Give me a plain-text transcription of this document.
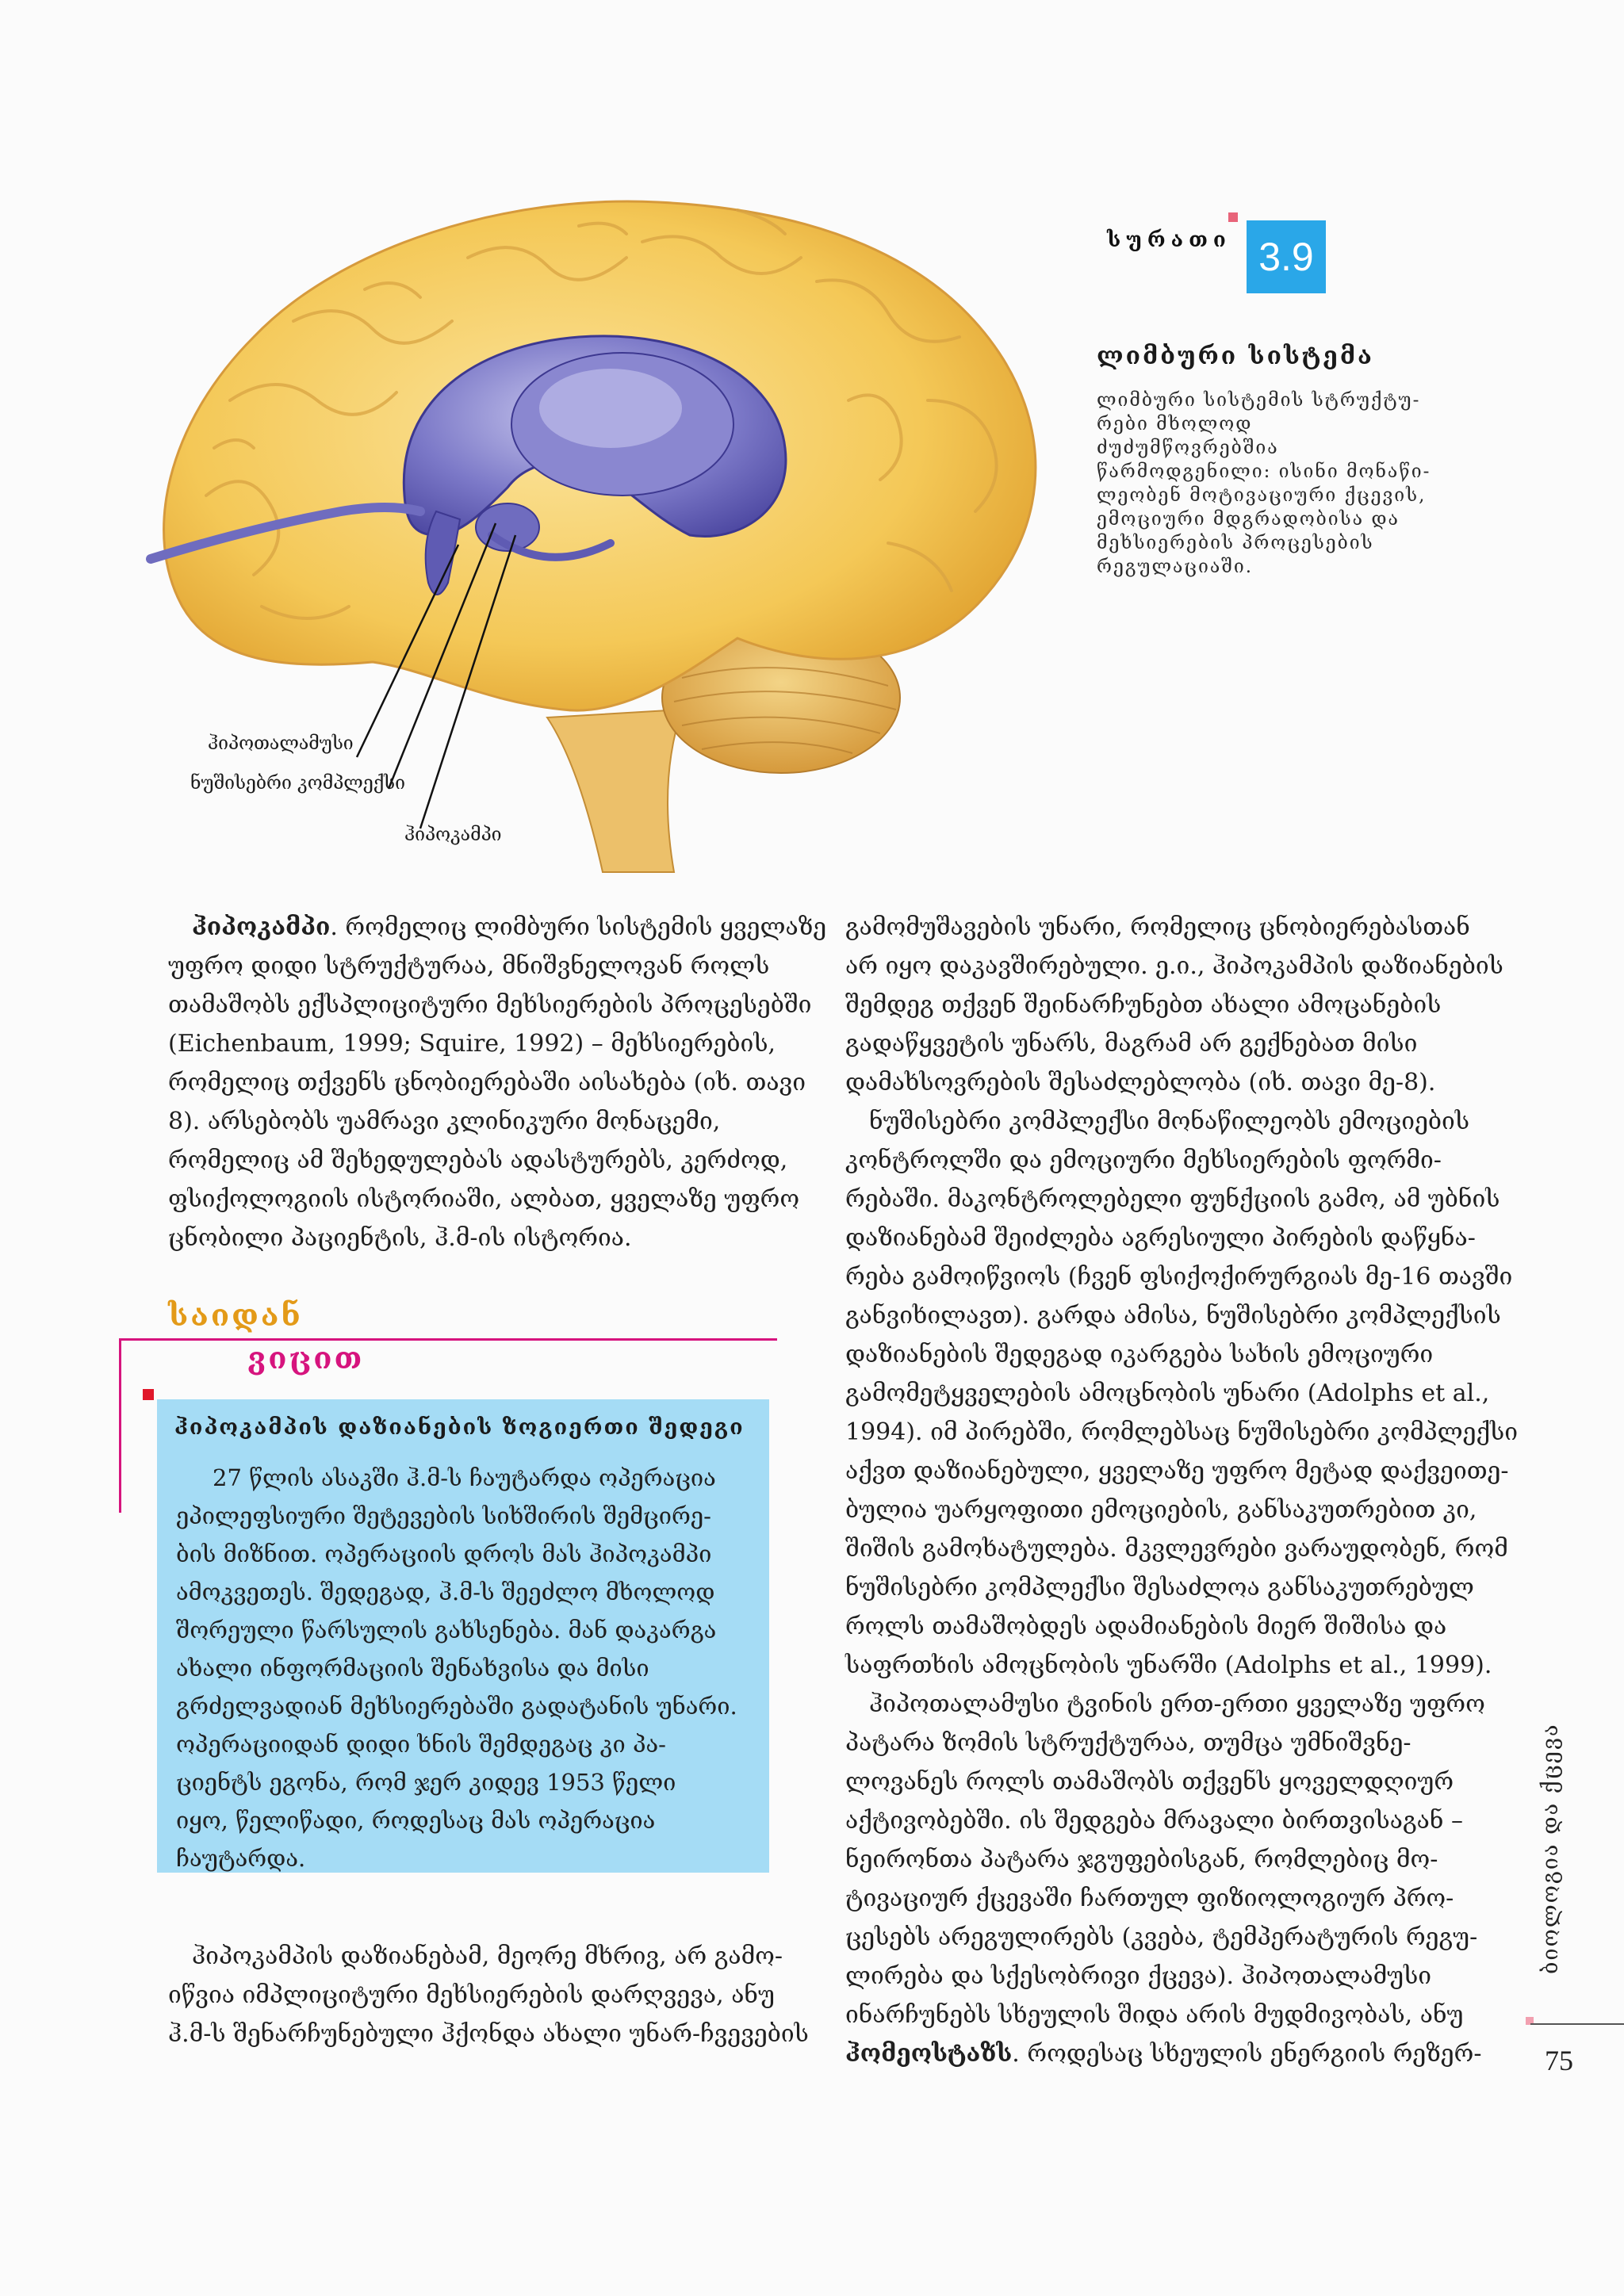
ჰიპოთალამუსი
ნუშისებრი კომპლექსი
ჰიპოკამპი
სურათი 3.9
ლიმბური სისტემა
ლიმბური სისტემის სტრუქტუ-
რები მხოლოდ ძუძუმწოვრებშია
წარმოდგენილი: ისინი მონაწი-
ლეობენ მოტივაციური ქცევის,
ემოციური მდგრადობისა და
მეხსიერების პროცესების
რეგულაციაში.
ჰიპოკამპი. რომელიც ლიმბური სისტემის ყველაზე
უფრო დიდი სტრუქტურაა, მნიშვნელოვან როლს
თამაშობს ექსპლიციტური მეხსიერების პროცესებში
(Eichenbaum, 1999; Squire, 1992) – მეხსიერების,
რომელიც თქვენს ცნობიერებაში აისახება (იხ. თავი
8). არსებობს უამრავი კლინიკური მონაცემი,
რომელიც ამ შეხედულებას ადასტურებს, კერძოდ,
ფსიქოლოგიის ისტორიაში, ალბათ, ყველაზე უფრო
ცნობილი პაციენტის, ჰ.მ-ის ისტორია.
საიდან
ვიცით
ჰიპოკამპის დაზიანების ზოგიერთი შედეგი
27 წლის ასაკში ჰ.მ-ს ჩაუტარდა ოპერაცია
ეპილეფსიური შეტევების სიხშირის შემცირე-
ბის მიზნით. ოპერაციის დროს მას ჰიპოკამპი
ამოკვეთეს. შედეგად, ჰ.მ-ს შეეძლო მხოლოდ
შორეული წარსულის გახსენება. მან დაკარგა
ახალი ინფორმაციის შენახვისა და მისი
გრძელვადიან მეხსიერებაში გადატანის უნარი.
ოპერაციიდან დიდი ხნის შემდეგაც კი პა-
ციენტს ეგონა, რომ ჯერ კიდევ 1953 წელი
იყო, წელიწადი, როდესაც მას ოპერაცია
ჩაუტარდა.
ჰიპოკამპის დაზიანებამ, მეორე მხრივ, არ გამო-
იწვია იმპლიციტური მეხსიერების დარღვევა, ანუ
ჰ.მ-ს შენარჩუნებული ჰქონდა ახალი უნარ-ჩვევების
გამომუშავების უნარი, რომელიც ცნობიერებასთან
არ იყო დაკავშირებული. ე.ი., ჰიპოკამპის დაზიანების
შემდეგ თქვენ შეინარჩუნებთ ახალი ამოცანების
გადაწყვეტის უნარს, მაგრამ არ გექნებათ მისი
დამახსოვრების შესაძლებლობა (იხ. თავი მე-8).
ნუშისებრი კომპლექსი მონაწილეობს ემოციების
კონტროლში და ემოციური მეხსიერების ფორმი-
რებაში. მაკონტროლებელი ფუნქციის გამო, ამ უბნის
დაზიანებამ შეიძლება აგრესიული პირების დაწყნა-
რება გამოიწვიოს (ჩვენ ფსიქოქირურგიას მე-16 თავში
განვიხილავთ). გარდა ამისა, ნუშისებრი კომპლექსის
დაზიანების შედეგად იკარგება სახის ემოციური
გამომეტყველების ამოცნობის უნარი (Adolphs et al.,
1994). იმ პირებში, რომლებსაც ნუშისებრი კომპლექსი
აქვთ დაზიანებული, ყველაზე უფრო მეტად დაქვეითე-
ბულია უარყოფითი ემოციების, განსაკუთრებით კი,
შიშის გამოხატულება. მკვლევრები ვარაუდობენ, რომ
ნუშისებრი კომპლექსი შესაძლოა განსაკუთრებულ
როლს თამაშობდეს ადამიანების მიერ შიშისა და
საფრთხის ამოცნობის უნარში (Adolphs et al., 1999).
ჰიპოთალამუსი ტვინის ერთ-ერთი ყველაზე უფრო
პატარა ზომის სტრუქტურაა, თუმცა უმნიშვნე-
ლოვანეს როლს თამაშობს თქვენს ყოველდღიურ
აქტივობებში. ის შედგება მრავალი ბირთვისაგან –
ნეირონთა პატარა ჯგუფებისგან, რომლებიც მო-
ტივაციურ ქცევაში ჩართულ ფიზიოლოგიურ პრო-
ცესებს არეგულირებს (კვება, ტემპერატურის რეგუ-
ლირება და სქესობრივი ქცევა). ჰიპოთალამუსი
ინარჩუნებს სხეულის შიდა არის მუდმივობას, ანუ
ჰომეოსტაზს. როდესაც სხეულის ენერგიის რეზერ-
ბიოლოგია და ქცევა
75
